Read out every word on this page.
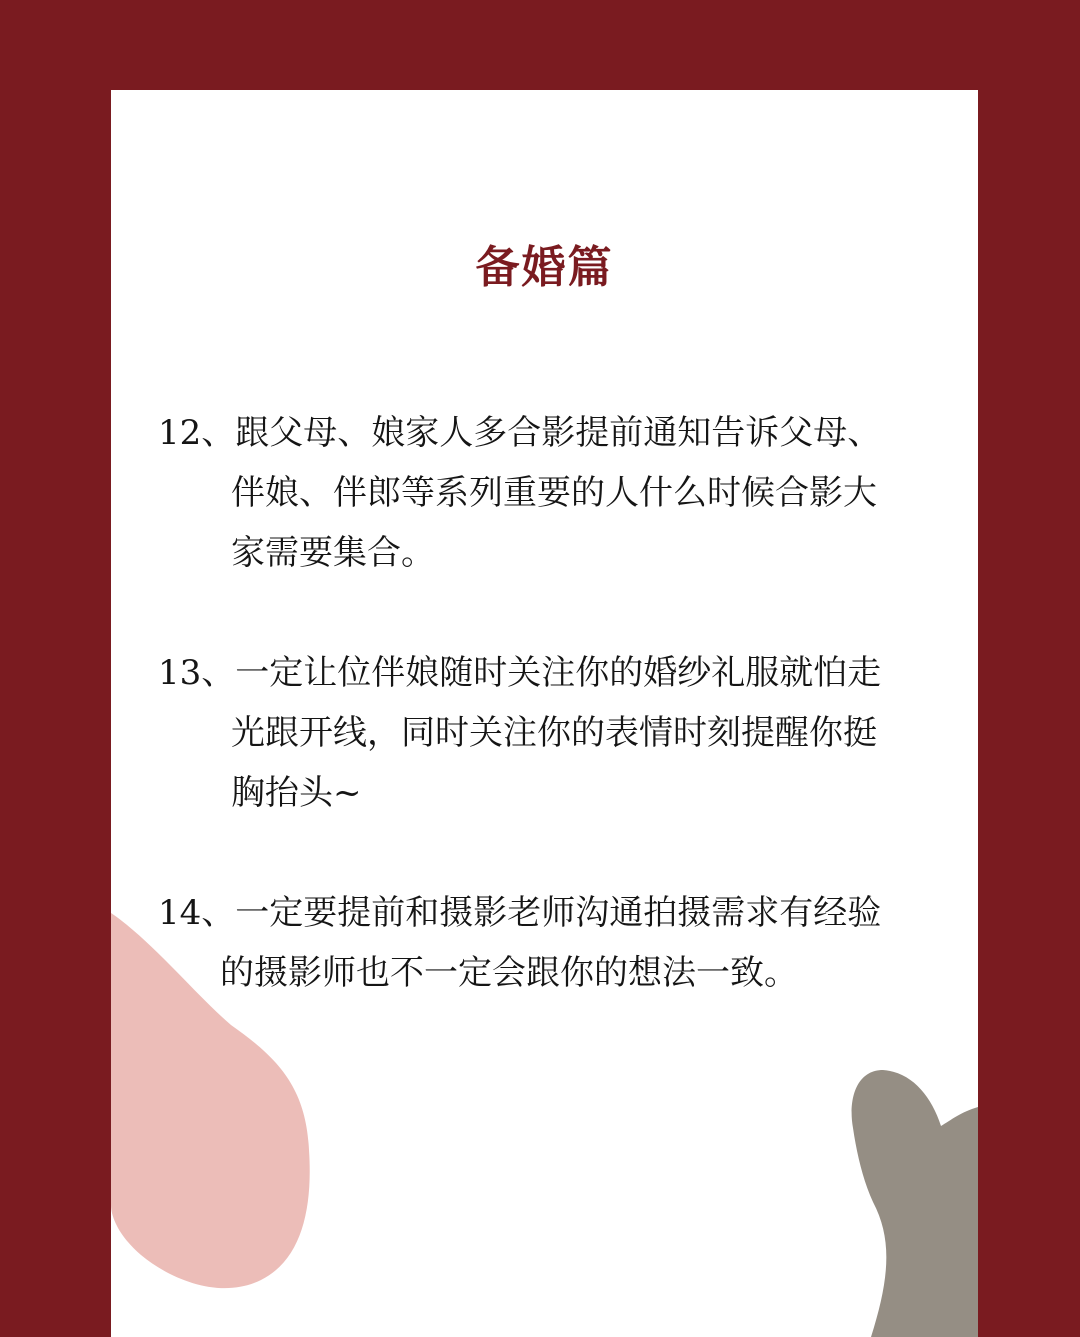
备婚篇
12、跟父母、娘家人多合影提前通知告诉父母、
伴娘、伴郎等系列重要的人什么时候合影大
家需要集合。
13、一定让位伴娘随时关注你的婚纱礼服就怕走
光跟开线，同时关注你的表情时刻提醒你挺
胸抬头~
14、一定要提前和摄影老师沟通拍摄需求有经验
的摄影师也不一定会跟你的想法一致。
